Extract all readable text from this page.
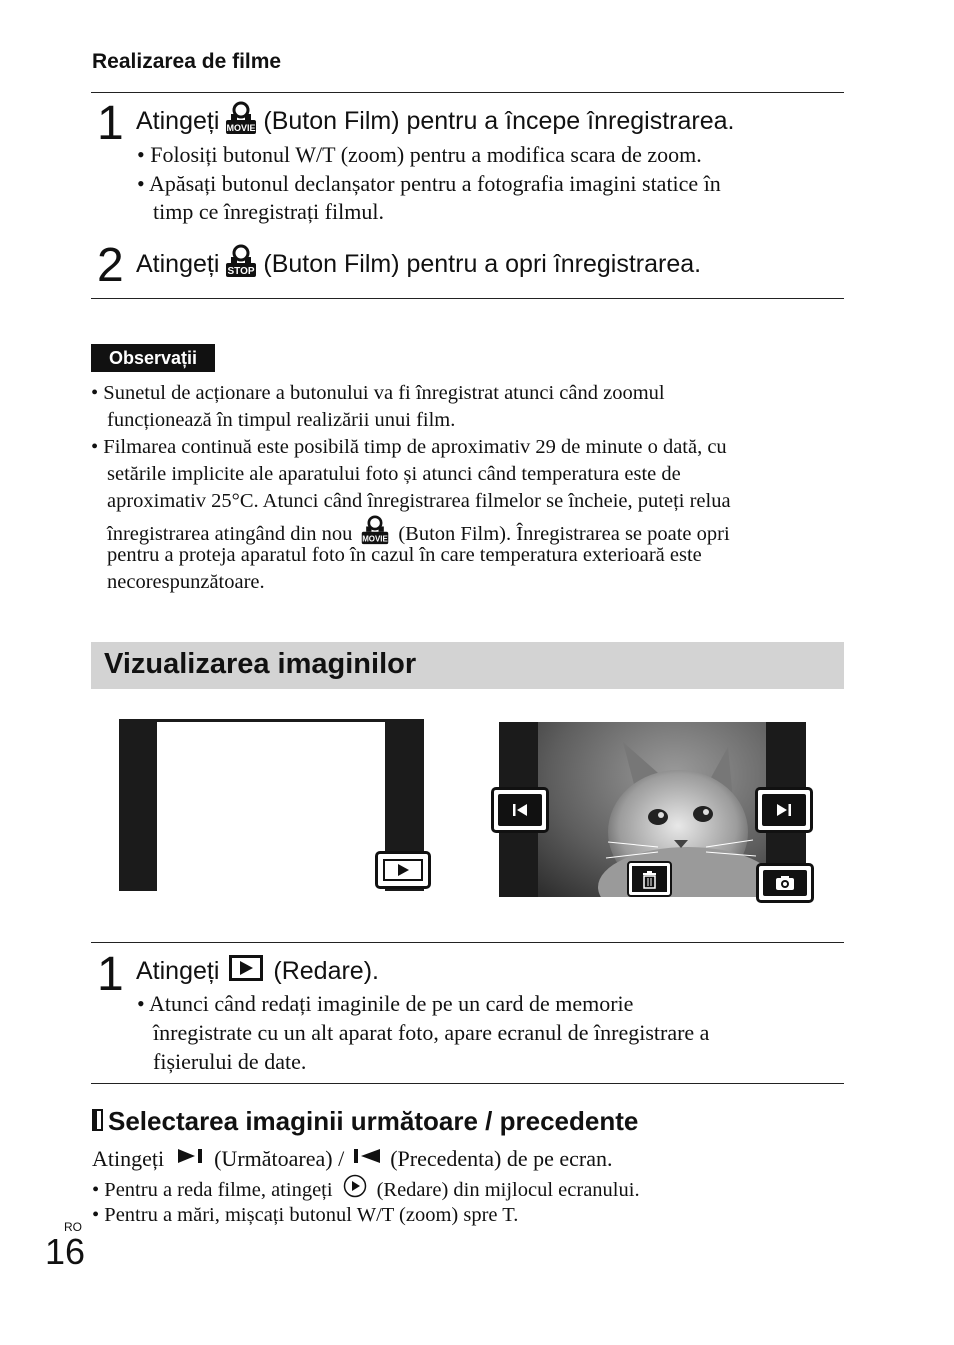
Realizarea de filme
1 Atingeți MOVIE (Buton Film) pentru a începe înregistrarea.
• Folosiți butonul W/T (zoom) pentru a modifica scara de zoom.
• Apăsați butonul declanșator pentru a fotografia imagini statice în
timp ce înregistrați filmul.
2 Atingeți STOP (Buton Film) pentru a opri înregistrarea.
Observații
• Sunetul de acționare a butonului va fi înregistrat atunci când zoomul
funcționează în timpul realizării unui film.
• Filmarea continuă este posibilă timp de aproximativ 29 de minute o dată, cu
setările implicite ale aparatului foto și atunci când temperatura este de
aproximativ 25°C. Atunci când înregistrarea filmelor se încheie, puteți relua
înregistrarea atingând din nou MOVIE (Buton Film). Înregistrarea se poate opri
pentru a proteja aparatul foto în cazul în care temperatura exterioară este
necorespunzătoare.
Vizualizarea imaginilor
1 Atingeți (Redare).
• Atunci când redați imaginile de pe un card de memorie
înregistrate cu un alt aparat foto, apare ecranul de înregistrare a
fișierului de date.
Selectarea imaginii următoare / precedente
Atingeți (Următoarea) / (Precedenta) de pe ecran.
• Pentru a reda filme, atingeți (Redare) din mijlocul ecranului.
• Pentru a mări, mișcați butonul W/T (zoom) spre T.
RO
16
